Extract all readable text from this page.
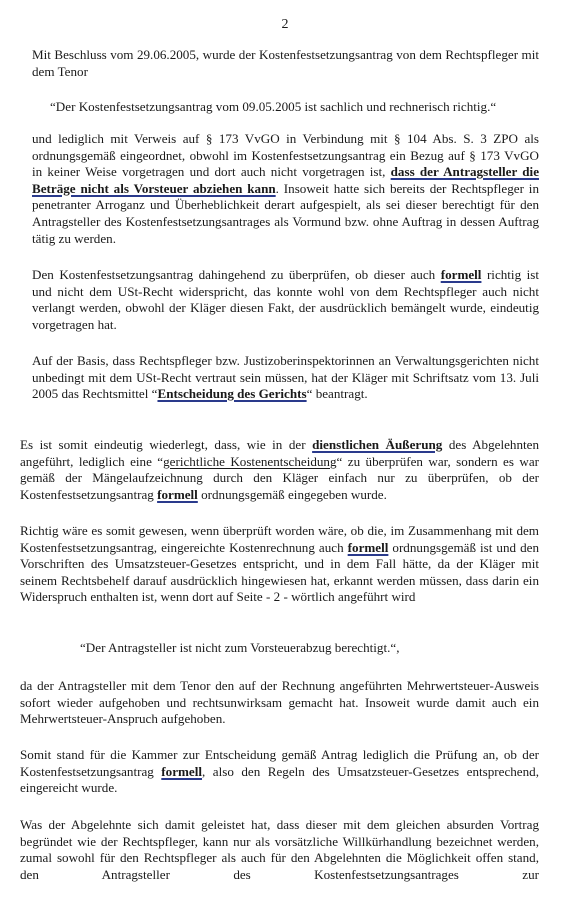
2

Mit Beschluss vom 29.06.2005, wurde der Kostenfestsetzungsantrag von dem Rechtspfleger mit dem Tenor

“Der Kostenfestsetzungsantrag vom 09.05.2005 ist sachlich und rechnerisch richtig.“

und lediglich mit Verweis auf § 173 VvGO in Verbindung mit § 104 Abs. S. 3 ZPO als ordnungsgemäß eingeordnet, obwohl im Kostenfestsetzungsantrag ein Bezug auf § 173 VvGO in keiner Weise vorgetragen und dort auch nicht vorgetragen ist, dass der Antragsteller die Beträge nicht als Vorsteuer abziehen kann. Insoweit hatte sich bereits der Rechtspfleger in penetranter Arroganz und Überheblichkeit derart aufgespielt, als sei dieser berechtigt für den Antragsteller des Kostenfestsetzungsantrages als Vormund bzw. ohne Auftrag in dessen Auftrag tätig zu werden.

Den Kostenfestsetzungsantrag dahingehend zu überprüfen, ob dieser auch formell richtig ist und nicht dem USt-Recht widerspricht, das konnte wohl von dem Rechtspfleger auch nicht verlangt werden, obwohl der Kläger diesen Fakt, der ausdrücklich bemängelt wurde, eindeutig vorgetragen hat.

Auf der Basis, dass Rechtspfleger bzw. Justizoberinspektorinnen an Verwaltungsgerichten nicht unbedingt mit dem USt-Recht vertraut sein müssen, hat der Kläger mit Schriftsatz vom 13. Juli 2005 das Rechtsmittel “Entscheidung des Gerichts“ beantragt.

Es ist somit eindeutig wiederlegt, dass, wie in der dienstlichen Äußerung des Abgelehnten angeführt, lediglich eine “gerichtliche Kostenentscheidung“ zu überprüfen war, sondern es war gemäß der Mängelaufzeichnung durch den Kläger einfach nur zu überprüfen, ob der Kostenfestsetzungsantrag formell ordnungsgemäß eingegeben wurde.

Richtig wäre es somit gewesen, wenn überprüft worden wäre, ob die, im Zusammenhang mit dem Kostenfestsetzungsantrag, eingereichte Kostenrechnung auch formell ordnungsgemäß ist und den Vorschriften des Umsatzsteuer-Gesetzes entspricht, und in dem Fall hätte, da der Kläger mit seinem Rechtsbehelf darauf ausdrücklich hingewiesen hat, erkannt werden müssen, dass darin ein Widerspruch enthalten ist, wenn dort auf Seite - 2 - wörtlich angeführt wird

“Der Antragsteller ist nicht zum Vorsteuerabzug berechtigt.“,

da der Antragsteller mit dem Tenor den auf der Rechnung angeführten Mehrwertsteuer-Ausweis sofort wieder aufgehoben und rechtsunwirksam gemacht hat. Insoweit wurde damit auch ein Mehrwertsteuer-Anspruch aufgehoben.

Somit stand für die Kammer zur Entscheidung gemäß Antrag lediglich die Prüfung an, ob der Kostenfestsetzungsantrag formell, also den Regeln des Umsatzsteuer-Gesetzes entsprechend, eingereicht wurde.

Was der Abgelehnte sich damit geleistet hat, dass dieser mit dem gleichen absurden Vortrag begründet wie der Rechtspfleger, kann nur als vorsätzliche Willkürhandlung bezeichnet werden, zumal sowohl für den Rechtspfleger als auch für den Abgelehnten die Möglichkeit offen stand, den Antragsteller des Kostenfestsetzungsantrages zur
